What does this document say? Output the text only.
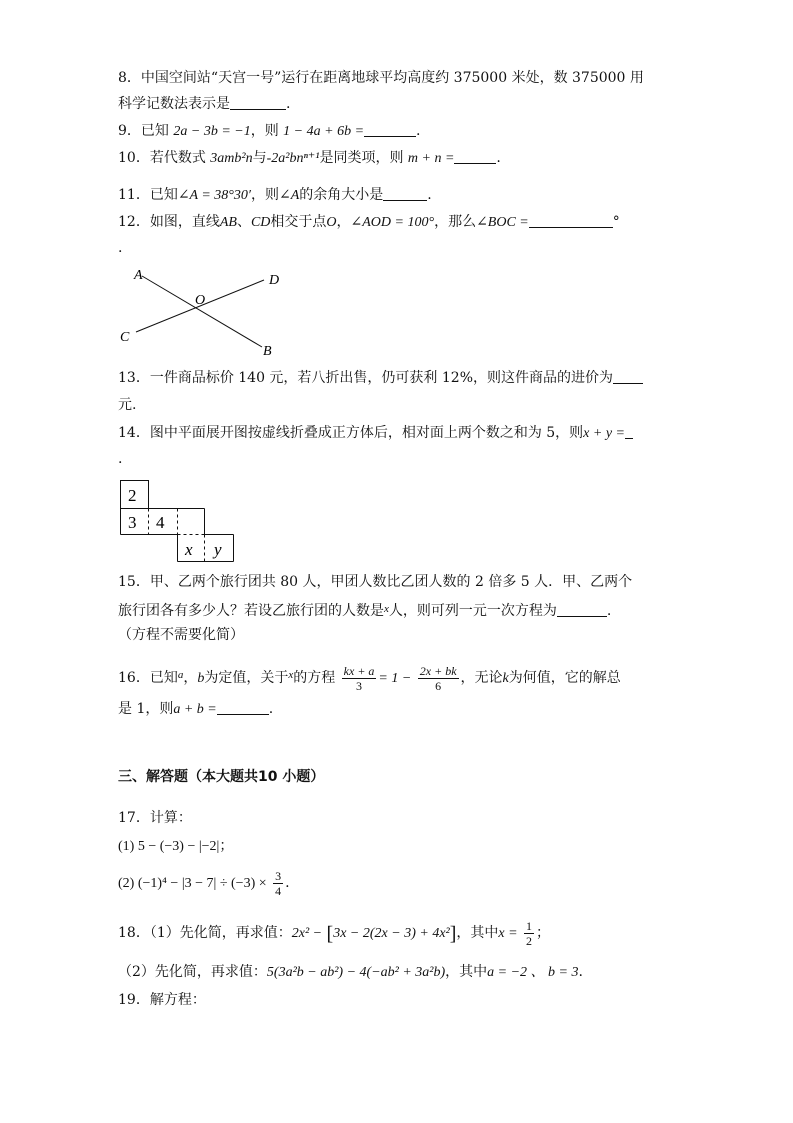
8．中国空间站“天宫一号”运行在距离地球平均高度约 375000 米处，数 375000 用
科学记数法表示是	.
9．已知 2a − 3b = −1，则 1 − 4a + 6b =	.
10．若代数式 3amb²n与-2a²bnⁿ⁺¹是同类项，则 m + n =	.
11．已知∠A = 38°30′，则∠A的余角大小是	.
12．如图，直线AB、CD相交于点O，∠AOD = 100°，那么∠BOC =	°
.
A	D
O
C
B
13．一件商品标价 140 元，若八折出售，仍可获利 12%，则这件商品的进价为
元.
14．图中平面展开图按虚线折叠成正方体后，相对面上两个数之和为 5，则x + y =
.
2
3 4
x y
15．甲、乙两个旅行团共 80 人，甲团人数比乙团人数的 2 倍多 5 人．甲、乙两个
旅行团各有多少人？若设乙旅行团的人数是$^x$人，则可列一元一次方程为	.
（方程不需要化简）
16．已知$^a$，b为定值，关于$^x$的方程 $\frac{kx + a}{3} = 1 - \frac{2x + bk}{6}$ ，无论k为何值，它的解总
是 1，则a + b =	.
三、解答题（本大题共10 小题）
17．计算：
(1) 5 − (−3) − |−2|；
(2) $(-1)^4 - |3 - 7| \div (-3) \times \frac{3}{4}$ .
18．（1）先化简，再求值：2x² − [3x − 2(2x − 3) + 4x²]，其中$x = \frac{1}{2}$ ；
（2）先化简，再求值：5(3a²b − ab²) − 4(−ab² + 3a²b)，其中a = −2 、 b = 3.
19．解方程：
